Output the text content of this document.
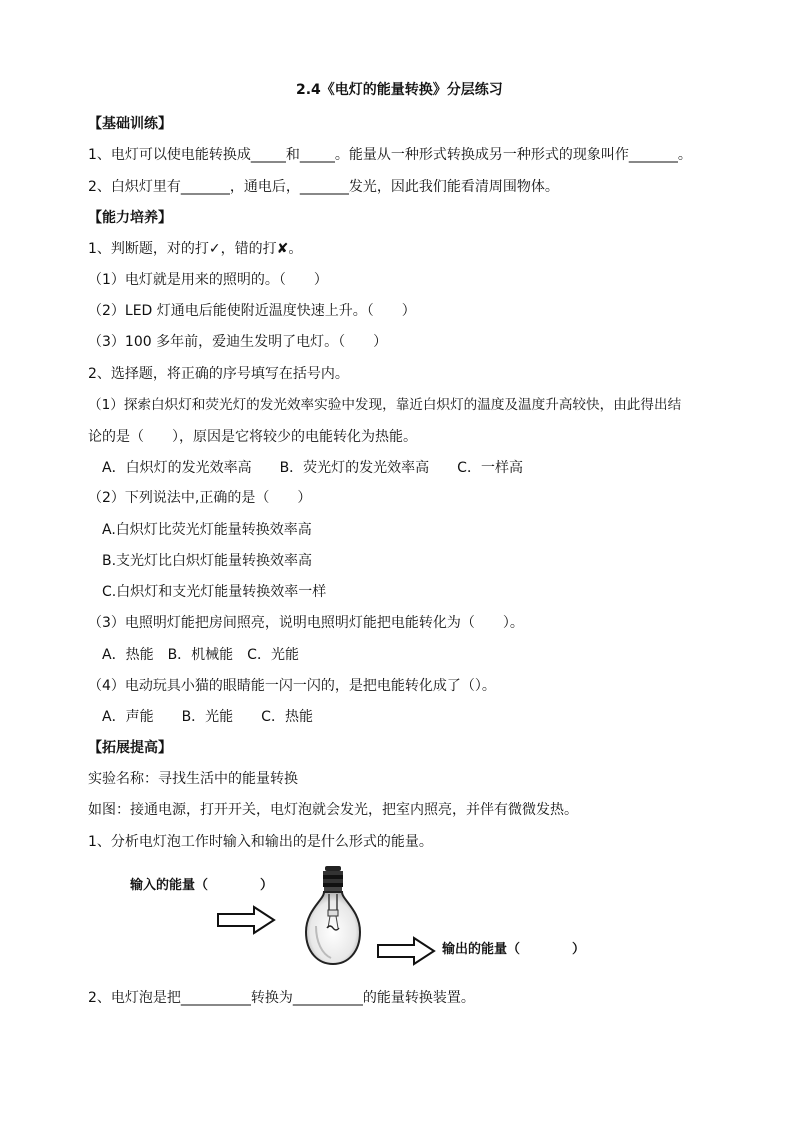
2.4《电灯的能量转换》分层练习
【基础训练】
1、电灯可以使电能转换成_____和_____。能量从一种形式转换成另一种形式的现象叫作_______。
2、白炽灯里有_______，通电后，_______发光，因此我们能看清周围物体。
【能力培养】
1、判断题，对的打✓，错的打✘。
（1）电灯就是用来的照明的。（　　）
（2）LED 灯通电后能使附近温度快速上升。（　　）
（3）100 多年前，爱迪生发明了电灯。（　　）
2、选择题，将正确的序号填写在括号内。
（1）探索白炽灯和荧光灯的发光效率实验中发现，靠近白炽灯的温度及温度升高较快，由此得出结
论的是（　　），原因是它将较少的电能转化为热能。
A．白炽灯的发光效率高　　B．荧光灯的发光效率高　　C．一样高
（2）下列说法中,正确的是（　　）
A.白炽灯比荧光灯能量转换效率高
B.支光灯比白炽灯能量转换效率高
C.白炽灯和支光灯能量转换效率一样
（3）电照明灯能把房间照亮，说明电照明灯能把电能转化为（　　）。
A．热能　B．机械能　C．光能
（4）电动玩具小猫的眼睛能一闪一闪的，是把电能转化成了（）。
A．声能　　B．光能　　C．热能
【拓展提高】
实验名称：寻找生活中的能量转换
如图：接通电源，打开开关，电灯泡就会发光，把室内照亮，并伴有微微发热。
1、分析电灯泡工作时输入和输出的是什么形式的能量。
输入的能量（　　　　）
输出的能量（　　　　）
2、电灯泡是把__________转换为__________的能量转换装置。
